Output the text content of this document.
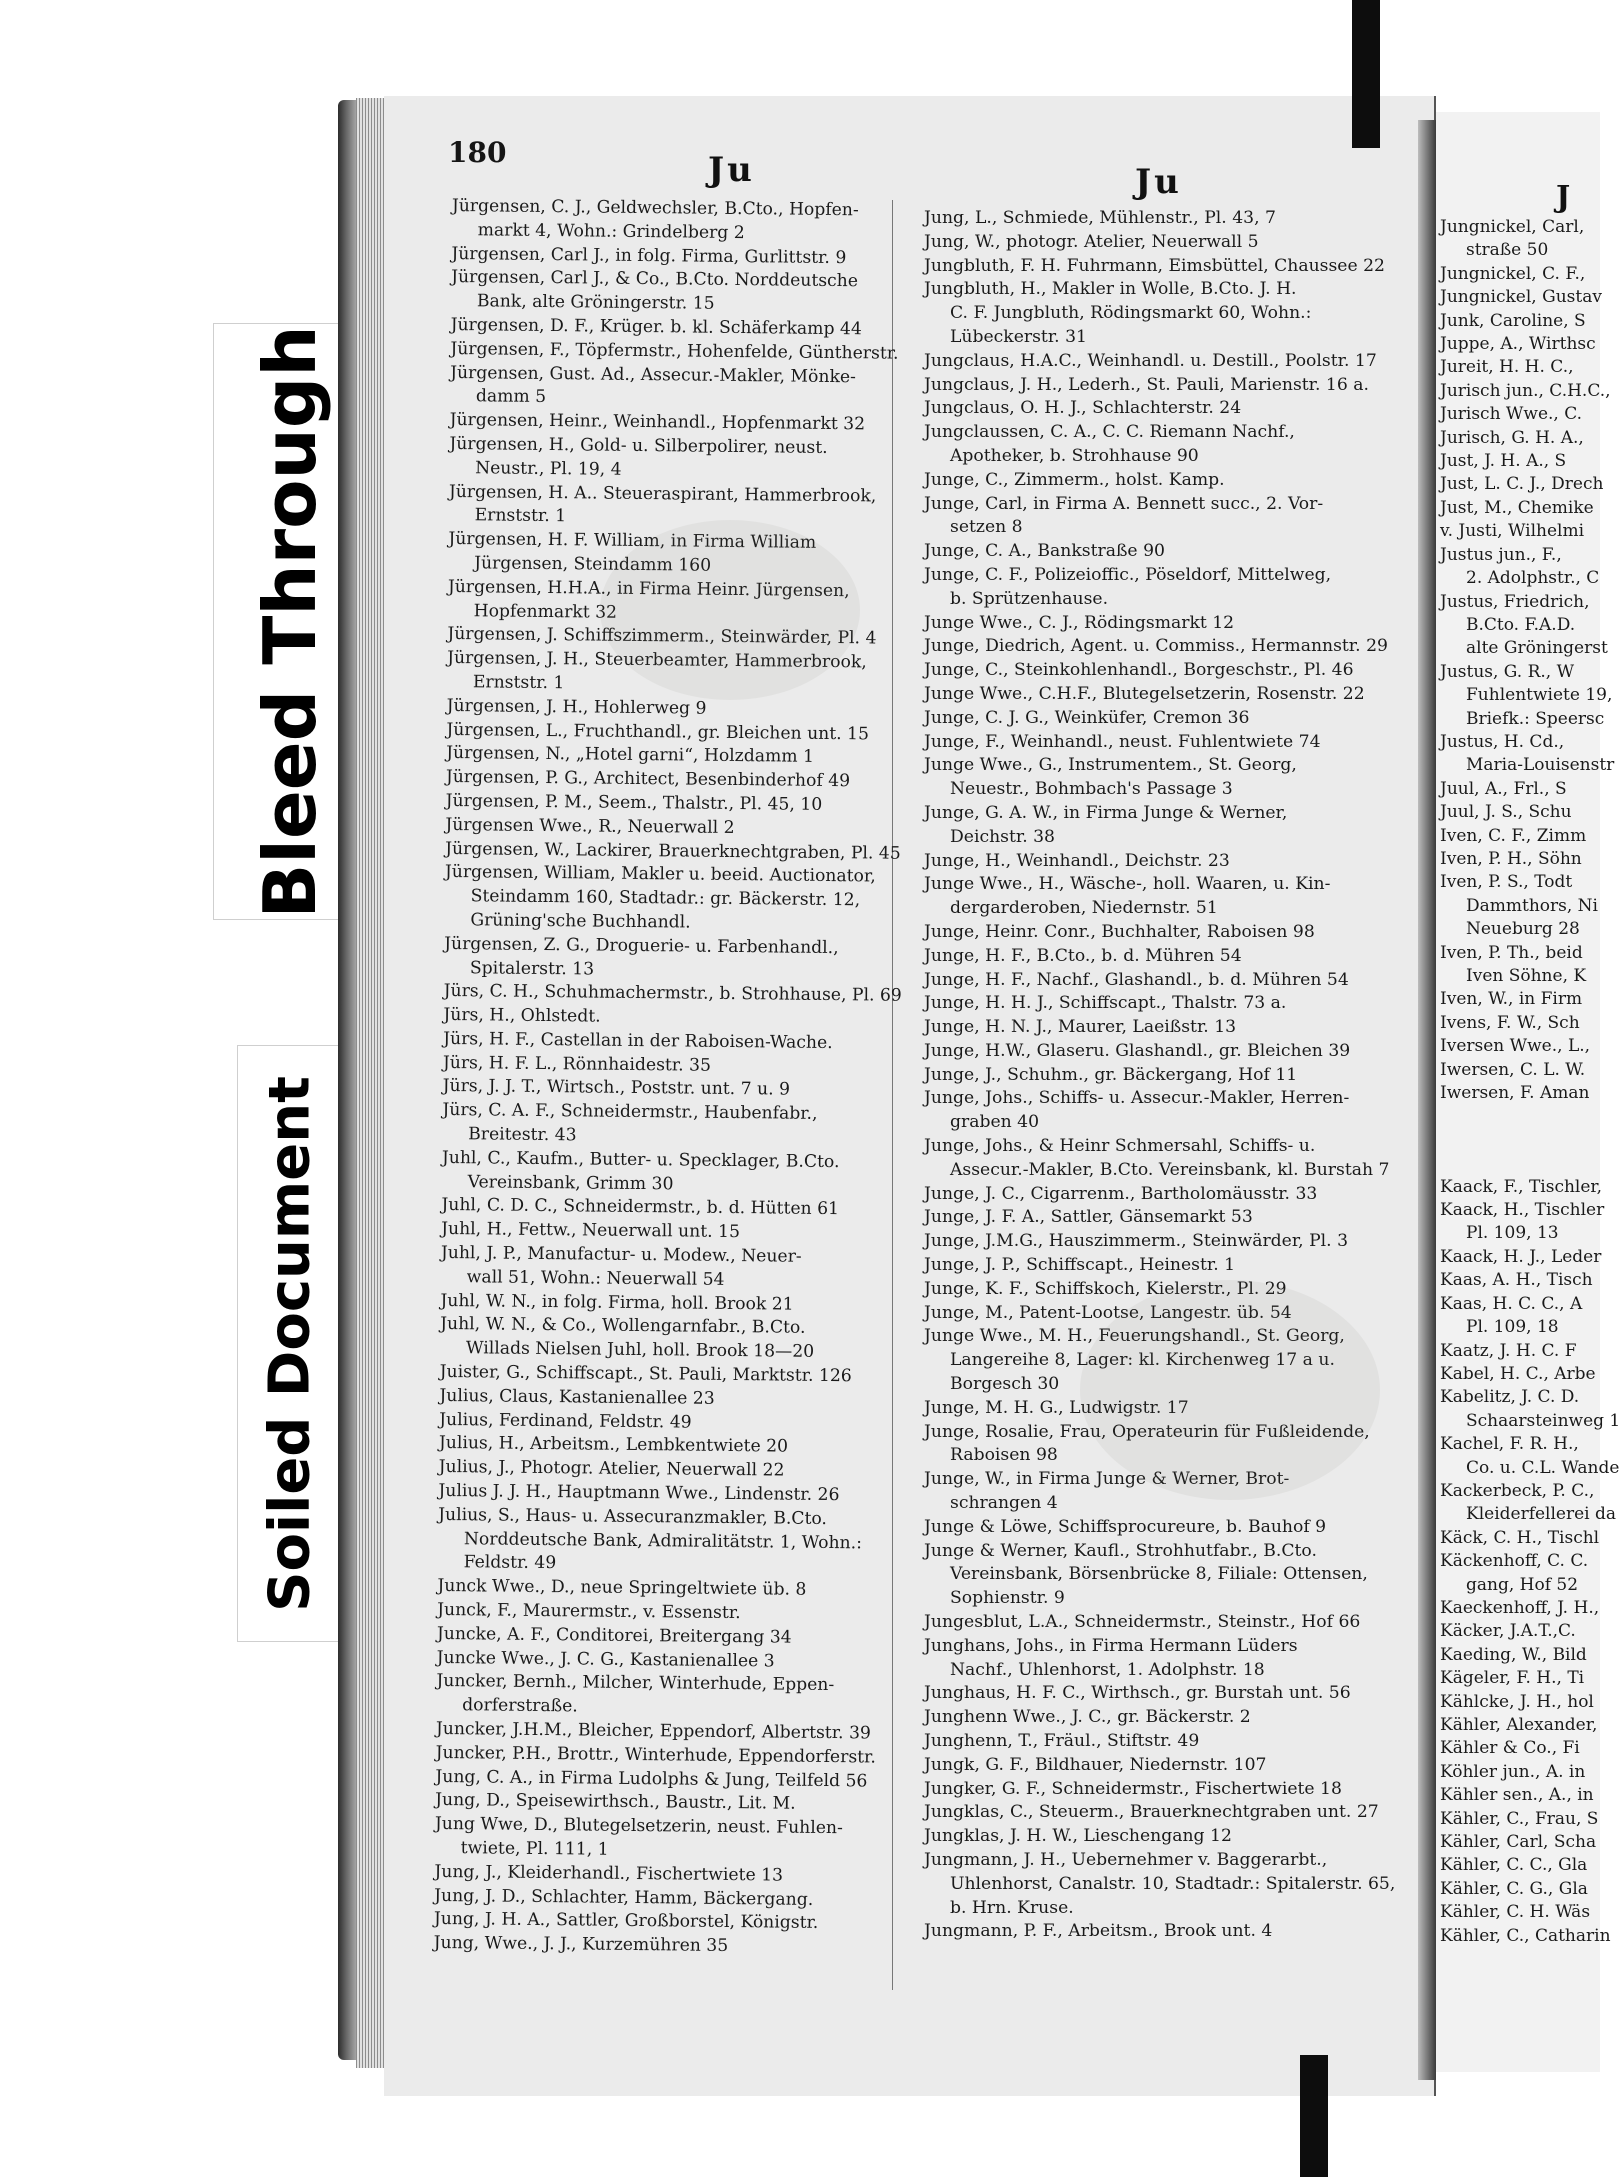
Bleed Through
Soiled Document
J
Jungnickel, Carl,
straße 50
Jungnickel, C. F.,
Jungnickel, Gustav
Junk, Caroline, S
Juppe, A., Wirthsc
Jureit, H. H. C.,
Jurisch jun., C.H.C.,
Jurisch Wwe., C.
Jurisch, G. H. A.,
Just, J. H. A., S
Just, L. C. J., Drech
Just, M., Chemike
v. Justi, Wilhelmi
Justus jun., F.,
2. Adolphstr., C
Justus, Friedrich,
B.Cto. F.A.D.
alte Gröningerst
Justus, G. R., W
Fuhlentwiete 19,
Briefk.: Speersc
Justus, H. Cd.,
Maria-Louisenstr
Juul, A., Frl., S
Juul, J. S., Schu
Iven, C. F., Zimm
Iven, P. H., Söhn
Iven, P. S., Todt
Dammthors, Ni
Neueburg 28
Iven, P. Th., beid
Iven Söhne, K
Iven, W., in Firm
Ivens, F. W., Sch
Iversen Wwe., L.,
Iwersen, C. L. W.
Iwersen, F. Aman

Kaack, F., Tischler,
Kaack, H., Tischler
Pl. 109, 13
Kaack, H. J., Leder
Kaas, A. H., Tisch
Kaas, H. C. C., A
Pl. 109, 18
Kaatz, J. H. C. F
Kabel, H. C., Arbe
Kabelitz, J. C. D.
Schaarsteinweg 1
Kachel, F. R. H.,
Co. u. C.L. Wande
Kackerbeck, P. C.,
Kleiderfellerei da
Käck, C. H., Tischl
Käckenhoff, C. C.
gang, Hof 52
Kaeckenhoff, J. H.,
Käcker, J.A.T.,C.
Kaeding, W., Bild
Kägeler, F. H., Ti
Kählcke, J. H., hol
Kähler, Alexander,
Kähler & Co., Fi
Köhler jun., A. in
Kähler sen., A., in
Kähler, C., Frau, S
Kähler, Carl, Scha
Kähler, C. C., Gla
Kähler, C. G., Gla
Kähler, C. H. Wäs
Kähler, C., Catharin
180	Ju	Ju
Jürgensen, C. J., Geldwechsler, B.Cto., Hopfen-
markt 4, Wohn.: Grindelberg 2
Jürgensen, Carl J., in folg. Firma, Gurlittstr. 9
Jürgensen, Carl J., & Co., B.Cto. Norddeutsche
Bank, alte Gröningerstr. 15
Jürgensen, D. F., Krüger. b. kl. Schäferkamp 44
Jürgensen, F., Töpfermstr., Hohenfelde, Güntherstr.
Jürgensen, Gust. Ad., Assecur.-Makler, Mönke-
damm 5
Jürgensen, Heinr., Weinhandl., Hopfenmarkt 32
Jürgensen, H., Gold- u. Silberpolirer, neust.
Neustr., Pl. 19, 4
Jürgensen, H. A.. Steueraspirant, Hammerbrook,
Ernststr. 1
Jürgensen, H. F. William, in Firma William
Jürgensen, Steindamm 160
Jürgensen, H.H.A., in Firma Heinr. Jürgensen,
Hopfenmarkt 32
Jürgensen, J. Schiffszimmerm., Steinwärder, Pl. 4
Jürgensen, J. H., Steuerbeamter, Hammerbrook,
Ernststr. 1
Jürgensen, J. H., Hohlerweg 9
Jürgensen, L., Fruchthandl., gr. Bleichen unt. 15
Jürgensen, N., „Hotel garni“, Holzdamm 1
Jürgensen, P. G., Architect, Besenbinderhof 49
Jürgensen, P. M., Seem., Thalstr., Pl. 45, 10
Jürgensen Wwe., R., Neuerwall 2
Jürgensen, W., Lackirer, Brauerknechtgraben, Pl. 45
Jürgensen, William, Makler u. beeid. Auctionator,
Steindamm 160, Stadtadr.: gr. Bäckerstr. 12,
Grüning'sche Buchhandl.
Jürgensen, Z. G., Droguerie- u. Farbenhandl.,
Spitalerstr. 13
Jürs, C. H., Schuhmachermstr., b. Strohhause, Pl. 69
Jürs, H., Ohlstedt.
Jürs, H. F., Castellan in der Raboisen-Wache.
Jürs, H. F. L., Rönnhaidestr. 35
Jürs, J. J. T., Wirtsch., Poststr. unt. 7 u. 9
Jürs, C. A. F., Schneidermstr., Haubenfabr.,
Breitestr. 43
Juhl, C., Kaufm., Butter- u. Specklager, B.Cto.
Vereinsbank, Grimm 30
Juhl, C. D. C., Schneidermstr., b. d. Hütten 61
Juhl, H., Fettw., Neuerwall unt. 15
Juhl, J. P., Manufactur- u. Modew., Neuer-
wall 51, Wohn.: Neuerwall 54
Juhl, W. N., in folg. Firma, holl. Brook 21
Juhl, W. N., & Co., Wollengarnfabr., B.Cto.
Willads Nielsen Juhl, holl. Brook 18—20
Juister, G., Schiffscapt., St. Pauli, Marktstr. 126
Julius, Claus, Kastanienallee 23
Julius, Ferdinand, Feldstr. 49
Julius, H., Arbeitsm., Lembkentwiete 20
Julius, J., Photogr. Atelier, Neuerwall 22
Julius J. J. H., Hauptmann Wwe., Lindenstr. 26
Julius, S., Haus- u. Assecuranzmakler, B.Cto.
Norddeutsche Bank, Admiralitätstr. 1, Wohn.:
Feldstr. 49
Junck Wwe., D., neue Springeltwiete üb. 8
Junck, F., Maurermstr., v. Essenstr.
Juncke, A. F., Conditorei, Breitergang 34
Juncke Wwe., J. C. G., Kastanienallee 3
Juncker, Bernh., Milcher, Winterhude, Eppen-
dorferstraße.
Juncker, J.H.M., Bleicher, Eppendorf, Albertstr. 39
Juncker, P.H., Brottr., Winterhude, Eppendorferstr.
Jung, C. A., in Firma Ludolphs & Jung, Teilfeld 56
Jung, D., Speisewirthsch., Baustr., Lit. M.
Jung Wwe, D., Blutegelsetzerin, neust. Fuhlen-
twiete, Pl. 111, 1
Jung, J., Kleiderhandl., Fischertwiete 13
Jung, J. D., Schlachter, Hamm, Bäckergang.
Jung, J. H. A., Sattler, Großborstel, Königstr.
Jung, Wwe., J. J., Kurzemühren 35
Jung, L., Schmiede, Mühlenstr., Pl. 43, 7
Jung, W., photogr. Atelier, Neuerwall 5
Jungbluth, F. H. Fuhrmann, Eimsbüttel, Chaussee 22
Jungbluth, H., Makler in Wolle, B.Cto. J. H.
C. F. Jungbluth, Rödingsmarkt 60, Wohn.:
Lübeckerstr. 31
Jungclaus, H.A.C., Weinhandl. u. Destill., Poolstr. 17
Jungclaus, J. H., Lederh., St. Pauli, Marienstr. 16 a.
Jungclaus, O. H. J., Schlachterstr. 24
Jungclaussen, C. A., C. C. Riemann Nachf.,
Apotheker, b. Strohhause 90
Junge, C., Zimmerm., holst. Kamp.
Junge, Carl, in Firma A. Bennett succ., 2. Vor-
setzen 8
Junge, C. A., Bankstraße 90
Junge, C. F., Polizeioffic., Pöseldorf, Mittelweg,
b. Sprützenhause.
Junge Wwe., C. J., Rödingsmarkt 12
Junge, Diedrich, Agent. u. Commiss., Hermannstr. 29
Junge, C., Steinkohlenhandl., Borgeschstr., Pl. 46
Junge Wwe., C.H.F., Blutegelsetzerin, Rosenstr. 22
Junge, C. J. G., Weinküfer, Cremon 36
Junge, F., Weinhandl., neust. Fuhlentwiete 74
Junge Wwe., G., Instrumentem., St. Georg,
Neuestr., Bohmbach's Passage 3
Junge, G. A. W., in Firma Junge & Werner,
Deichstr. 38
Junge, H., Weinhandl., Deichstr. 23
Junge Wwe., H., Wäsche-, holl. Waaren, u. Kin-
dergarderoben, Niedernstr. 51
Junge, Heinr. Conr., Buchhalter, Raboisen 98
Junge, H. F., B.Cto., b. d. Mühren 54
Junge, H. F., Nachf., Glashandl., b. d. Mühren 54
Junge, H. H. J., Schiffscapt., Thalstr. 73 a.
Junge, H. N. J., Maurer, Laeißstr. 13
Junge, H.W., Glaseru. Glashandl., gr. Bleichen 39
Junge, J., Schuhm., gr. Bäckergang, Hof 11
Junge, Johs., Schiffs- u. Assecur.-Makler, Herren-
graben 40
Junge, Johs., & Heinr Schmersahl, Schiffs- u.
Assecur.-Makler, B.Cto. Vereinsbank, kl. Burstah 7
Junge, J. C., Cigarrenm., Bartholomäusstr. 33
Junge, J. F. A., Sattler, Gänsemarkt 53
Junge, J.M.G., Hauszimmerm., Steinwärder, Pl. 3
Junge, J. P., Schiffscapt., Heinestr. 1
Junge, K. F., Schiffskoch, Kielerstr., Pl. 29
Junge, M., Patent-Lootse, Langestr. üb. 54
Junge Wwe., M. H., Feuerungshandl., St. Georg,
Langereihe 8, Lager: kl. Kirchenweg 17 a u.
Borgesch 30
Junge, M. H. G., Ludwigstr. 17
Junge, Rosalie, Frau, Operateurin für Fußleidende,
Raboisen 98
Junge, W., in Firma Junge & Werner, Brot-
schrangen 4
Junge & Löwe, Schiffsprocureure, b. Bauhof 9
Junge & Werner, Kaufl., Strohhutfabr., B.Cto.
Vereinsbank, Börsenbrücke 8, Filiale: Ottensen,
Sophienstr. 9
Jungesblut, L.A., Schneidermstr., Steinstr., Hof 66
Junghans, Johs., in Firma Hermann Lüders
Nachf., Uhlenhorst, 1. Adolphstr. 18
Junghaus, H. F. C., Wirthsch., gr. Burstah unt. 56
Junghenn Wwe., J. C., gr. Bäckerstr. 2
Junghenn, T., Fräul., Stiftstr. 49
Jungk, G. F., Bildhauer, Niedernstr. 107
Jungker, G. F., Schneidermstr., Fischertwiete 18
Jungklas, C., Steuerm., Brauerknechtgraben unt. 27
Jungklas, J. H. W., Lieschengang 12
Jungmann, J. H., Uebernehmer v. Baggerarbt.,
Uhlenhorst, Canalstr. 10, Stadtadr.: Spitalerstr. 65,
b. Hrn. Kruse.
Jungmann, P. F., Arbeitsm., Brook unt. 4
